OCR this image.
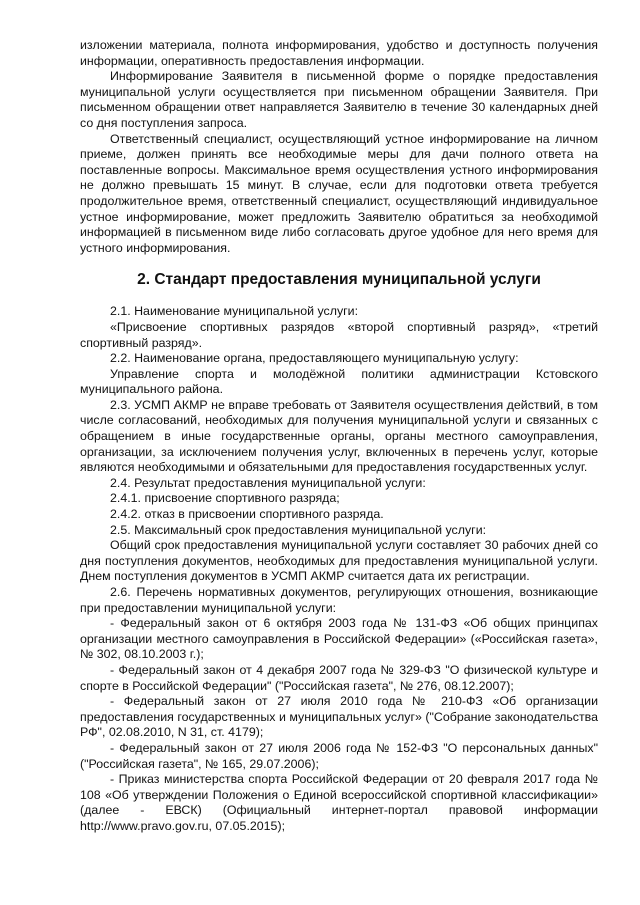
изложении материала, полнота информирования, удобство и доступность получения информации, оперативность предоставления информации.

Информирование Заявителя в письменной форме о порядке предоставления муниципальной услуги осуществляется при письменном обращении Заявителя. При письменном обращении ответ направляется Заявителю в течение 30 календарных дней со дня поступления запроса.

Ответственный специалист, осуществляющий устное информирование на личном приеме, должен принять все необходимые меры для дачи полного ответа на поставленные вопросы. Максимальное время осуществления устного информирования не должно превышать 15 минут. В случае, если для подготовки ответа требуется продолжительное время, ответственный специалист, осуществляющий индивидуальное устное информирование, может предложить Заявителю обратиться за необходимой информацией в письменном виде либо согласовать другое удобное для него время для устного информирования.

2. Стандарт предоставления муниципальной услуги

2.1. Наименование муниципальной услуги:

«Присвоение спортивных разрядов «второй спортивный разряд», «третий спортивный разряд».

2.2. Наименование органа, предоставляющего муниципальную услугу:

Управление спорта и молодёжной политики администрации Кстовского муниципального района.

2.3. УСМП АКМР не вправе требовать от Заявителя осуществления действий, в том числе согласований, необходимых для получения муниципальной услуги и связанных с обращением в иные государственные органы, органы местного самоуправления, организации, за исключением получения услуг, включенных в перечень услуг, которые являются необходимыми и обязательными для предоставления государственных услуг.

2.4. Результат предоставления муниципальной услуги:

2.4.1. присвоение спортивного разряда;

2.4.2. отказ в присвоении спортивного разряда.

2.5. Максимальный срок предоставления муниципальной услуги:

Общий срок предоставления муниципальной услуги составляет 30 рабочих дней со дня поступления документов, необходимых для предоставления муниципальной услуги. Днем поступления документов в УСМП АКМР считается дата их регистрации.

2.6. Перечень нормативных документов, регулирующих отношения, возникающие при предоставлении муниципальной услуги:

- Федеральный закон от 6 октября 2003 года № 131-ФЗ «Об общих принципах организации местного самоуправления в Российской Федерации» («Российская газета», № 302, 08.10.2003 г.);

- Федеральный закон от 4 декабря 2007 года № 329-ФЗ "О физической культуре и спорте в Российской Федерации" ("Российская газета", № 276, 08.12.2007);

- Федеральный закон от 27 июля 2010 года № 210-ФЗ «Об организации предоставления государственных и муниципальных услуг» ("Собрание законодательства РФ", 02.08.2010, N 31, ст. 4179);

- Федеральный закон от 27 июля 2006 года № 152-ФЗ "О персональных данных" ("Российская газета", № 165, 29.07.2006);

- Приказ министерства спорта Российской Федерации от 20 февраля 2017 года № 108 «Об утверждении Положения о Единой всероссийской спортивной классификации» (далее - ЕВСК) (Официальный интернет-портал правовой информации http://www.pravo.gov.ru, 07.05.2015);
